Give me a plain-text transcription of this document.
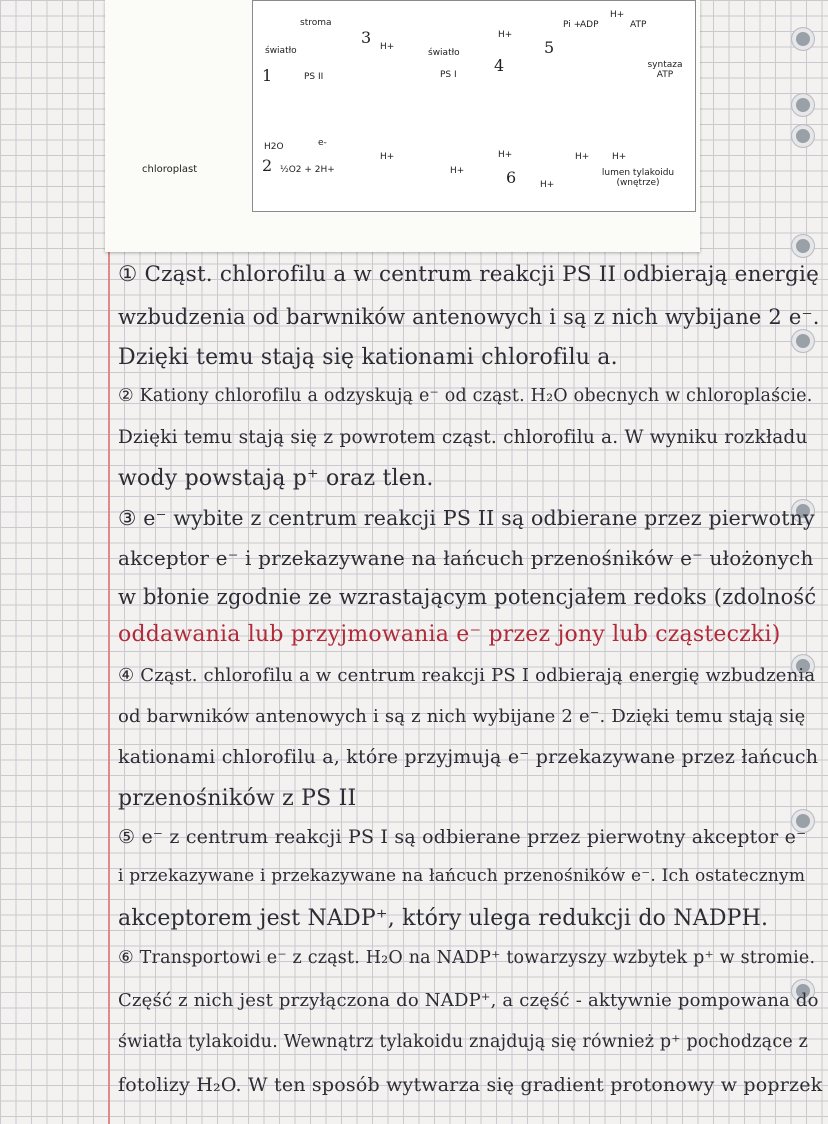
chloroplast
stroma
światło	światło
PS II	PS I
P680	P700
H2O
½O2 + 2H+
e-
H+
H+
H+
H+
H+
H+
H+	H+
H+
NADP+
NADPH
Pi +
ADP	ATP
syntaza ATP
lumen tylakoidu (wnętrze)
3
1
2
4
5
6
① Cząst. chlorofilu a w centrum reakcji PS II odbierają energię
wzbudzenia od barwników antenowych i są z nich wybijane 2 e⁻.
Dzięki temu stają się kationami chlorofilu a.
② Kationy chlorofilu a odzyskują e⁻ od cząst. H₂O obecnych w chloroplaście.
Dzięki temu stają się z powrotem cząst. chlorofilu a. W wyniku rozkładu
wody powstają p⁺ oraz tlen.
③ e⁻ wybite z centrum reakcji PS II są odbierane przez pierwotny
akceptor e⁻ i przekazywane na łańcuch przenośników e⁻ ułożonych
w błonie zgodnie ze wzrastającym potencjałem redoks (zdolność
oddawania lub przyjmowania e⁻ przez jony lub cząsteczki)
④ Cząst. chlorofilu a w centrum reakcji PS I odbierają energię wzbudzenia
od barwników antenowych i są z nich wybijane 2 e⁻. Dzięki temu stają się
kationami chlorofilu a, które przyjmują e⁻ przekazywane przez łańcuch
przenośników z PS II
⑤ e⁻ z centrum reakcji PS I są odbierane przez pierwotny akceptor e⁻
i przekazywane i przekazywane na łańcuch przenośników e⁻. Ich ostatecznym
akceptorem jest NADP⁺, który ulega redukcji do NADPH.
⑥ Transportowi e⁻ z cząst. H₂O na NADP⁺ towarzyszy wzbytek p⁺ w stromie.
Część z nich jest przyłączona do NADP⁺, a część - aktywnie pompowana do
światła tylakoidu. Wewnątrz tylakoidu znajdują się również p⁺ pochodzące z
fotolizy H₂O. W ten sposób wytwarza się gradient protonowy w poprzek
